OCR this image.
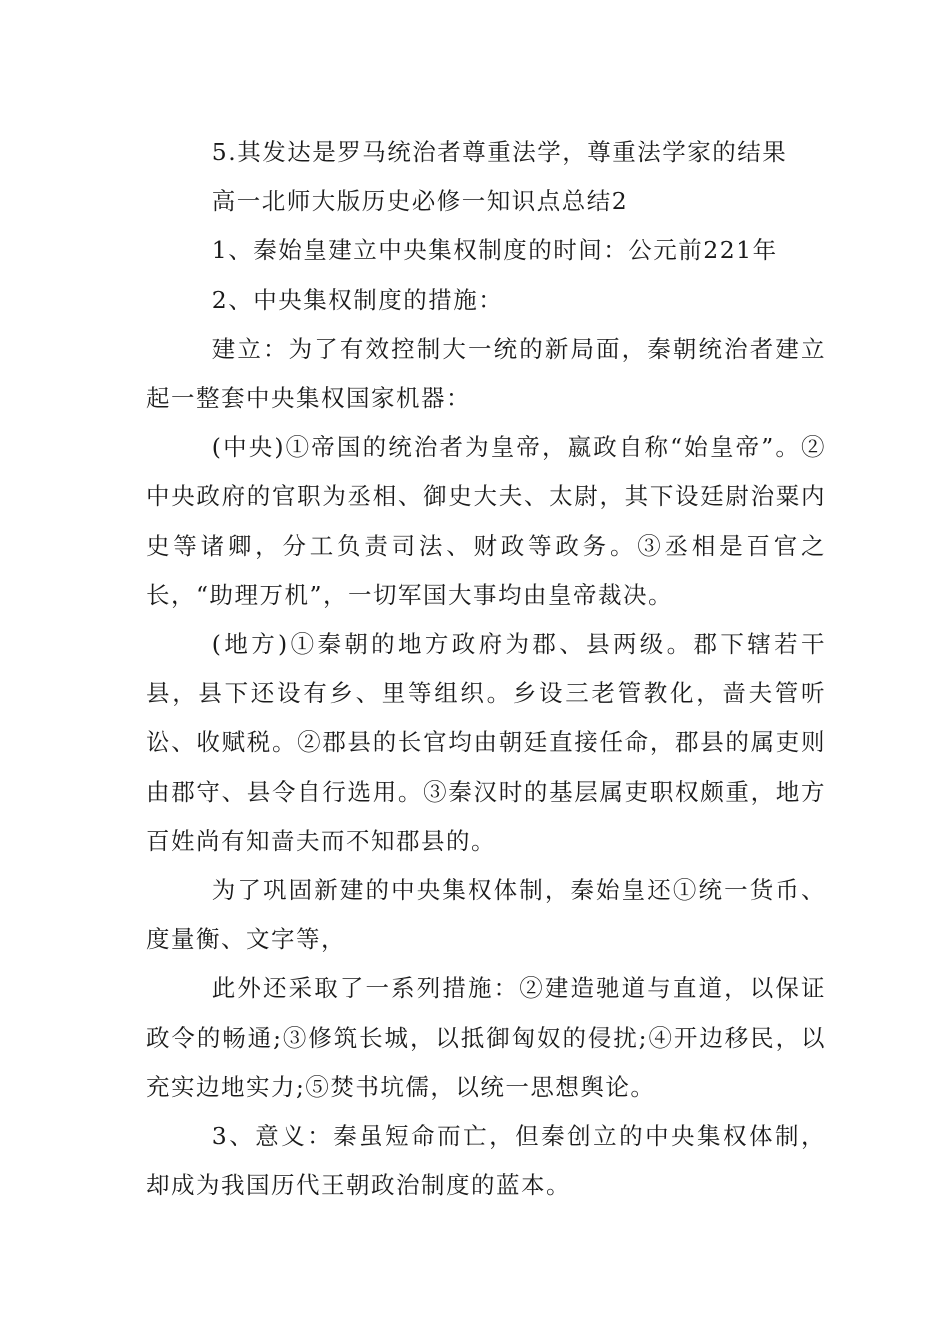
5.其发达是罗马统治者尊重法学，尊重法学家的结果

高一北师大版历史必修一知识点总结2

1、秦始皇建立中央集权制度的时间：公元前221年

2、中央集权制度的措施：

建立：为了有效控制大一统的新局面，秦朝统治者建立起一整套中央集权国家机器：

(中央)①帝国的统治者为皇帝，嬴政自称“始皇帝”。②中央政府的官职为丞相、御史大夫、太尉，其下设廷尉治粟内史等诸卿，分工负责司法、财政等政务。③丞相是百官之长，“助理万机”，一切军国大事均由皇帝裁决。

(地方)①秦朝的地方政府为郡、县两级。郡下辖若干县，县下还设有乡、里等组织。乡设三老管教化，啬夫管听讼、收赋税。②郡县的长官均由朝廷直接任命，郡县的属吏则由郡守、县令自行选用。③秦汉时的基层属吏职权颇重，地方百姓尚有知啬夫而不知郡县的。

为了巩固新建的中央集权体制，秦始皇还①统一货币、度量衡、文字等，

此外还采取了一系列措施：②建造驰道与直道，以保证政令的畅通;③修筑长城，以抵御匈奴的侵扰;④开边移民，以充实边地实力;⑤焚书坑儒，以统一思想舆论。

3、意义：秦虽短命而亡，但秦创立的中央集权体制，却成为我国历代王朝政治制度的蓝本。
